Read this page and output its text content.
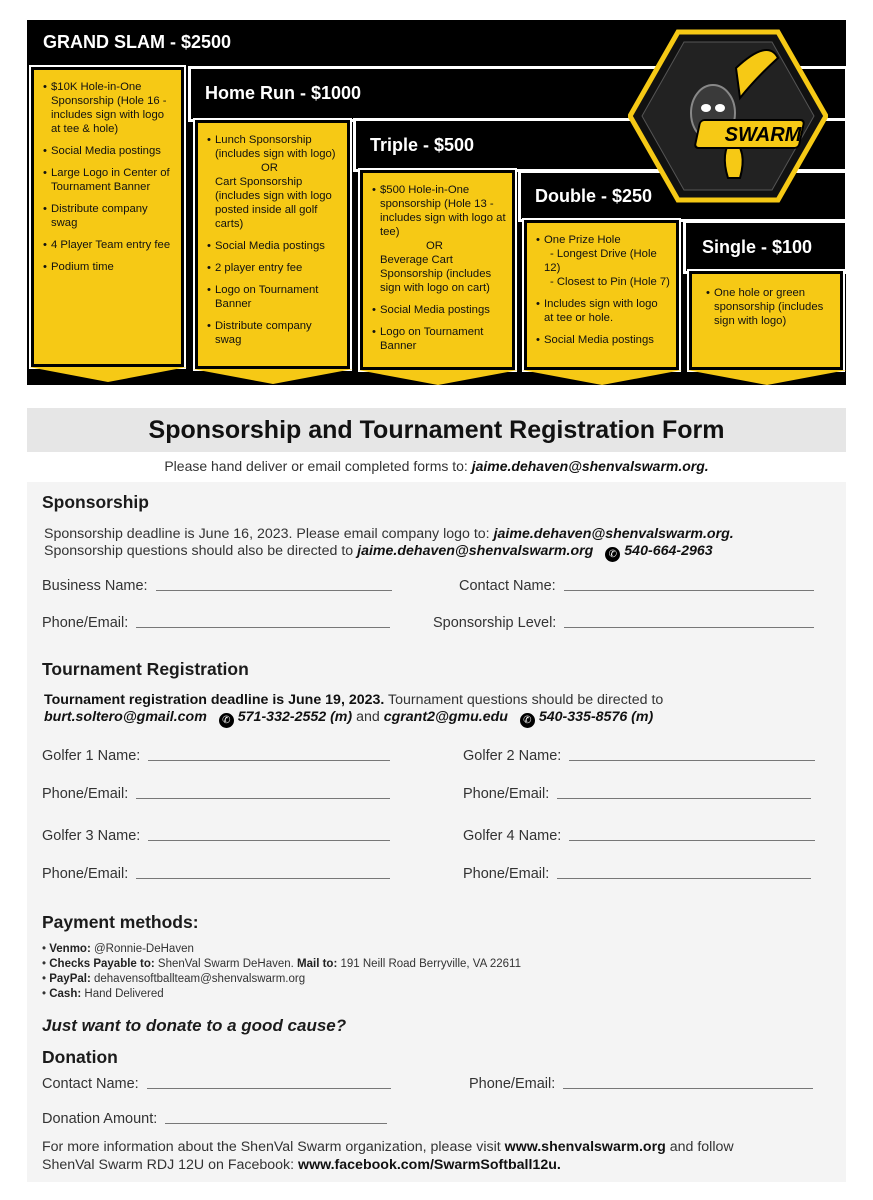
GRAND SLAM - $2500
Home Run - $1000
Triple - $500
Double - $250
Single - $100
SWARM
• $10K Hole-in-One Sponsorship (Hole 16 - includes sign with logo at tee & hole)
• Social Media postings
• Large Logo in Center of Tournament Banner
• Distribute company swag
• 4 Player Team entry fee
• Podium time
• Lunch Sponsorship (includes sign with logo)
OR
Cart Sponsorship (includes sign with logo posted inside all golf carts)
• Social Media postings
• 2 player entry fee
• Logo on Tournament Banner
• Distribute company swag
• $500 Hole-in-One sponsorship (Hole 13 - includes sign with logo at tee)
OR
Beverage Cart Sponsorship (includes sign with logo on cart)
• Social Media postings
• Logo on Tournament Banner
• One Prize Hole
- Longest Drive (Hole 12)
- Closest to Pin (Hole 7)
• Includes sign with logo at tee or hole.
• Social Media postings
• One hole or green sponsorship (includes sign with logo)
Sponsorship and Tournament Registration Form
Please hand deliver or email completed forms to: jaime.dehaven@shenvalswarm.org.
Sponsorship
Sponsorship deadline is June 16, 2023. Please email company logo to: jaime.dehaven@shenvalswarm.org.
Sponsorship questions should also be directed to jaime.dehaven@shenvalswarm.org ✆ 540-664-2963
Business Name:	Contact Name:
Phone/Email:	Sponsorship Level:
Tournament Registration
Tournament registration deadline is June 19, 2023. Tournament questions should be directed to
burt.soltero@gmail.com ✆ 571-332-2552 (m) and cgrant2@gmu.edu ✆ 540-335-8576 (m)
Golfer 1 Name:	Golfer 2 Name:
Phone/Email:	Phone/Email:
Golfer 3 Name:	Golfer 4 Name:
Phone/Email:	Phone/Email:
Payment methods:
• Venmo: @Ronnie-DeHaven
• Checks Payable to: ShenVal Swarm DeHaven. Mail to: 191 Neill Road Berryville, VA 22611
• PayPal: dehavensoftballteam@shenvalswarm.org
• Cash: Hand Delivered
Just want to donate to a good cause?
Donation
Contact Name:	Phone/Email:
Donation Amount:
For more information about the ShenVal Swarm organization, please visit www.shenvalswarm.org and follow
ShenVal Swarm RDJ 12U on Facebook: www.facebook.com/SwarmSoftball12u.
